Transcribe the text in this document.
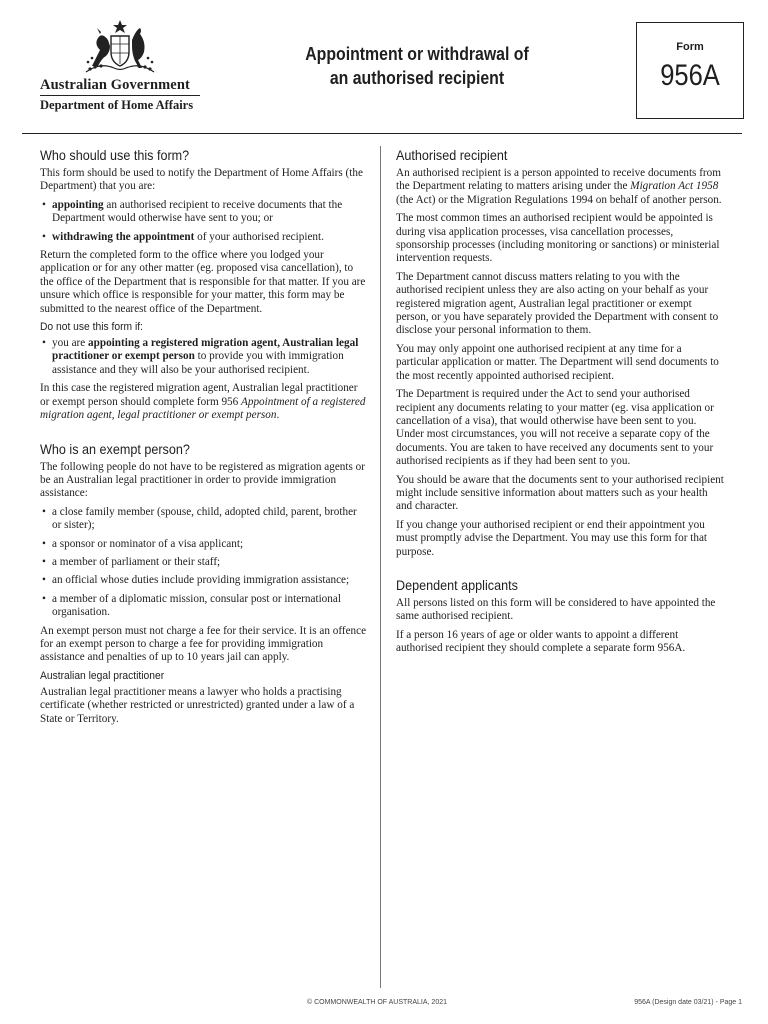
Australian Government
Department of Home Affairs
Appointment or withdrawal of
an authorised recipient
Form
956A
Who should use this form?

This form should be used to notify the Department of Home Affairs (the Department) that you are:

• appointing an authorised recipient to receive documents that the Department would otherwise have sent to you; or
• withdrawing the appointment of your authorised recipient.

Return the completed form to the office where you lodged your application or for any other matter (eg. proposed visa cancellation), to the office of the Department that is responsible for that matter. If you are unsure which office is responsible for your matter, this form may be submitted to the nearest office of the Department.

Do not use this form if:
• you are appointing a registered migration agent, Australian legal practitioner or exempt person to provide you with immigration assistance and they will also be your authorised recipient.

In this case the registered migration agent, Australian legal practitioner or exempt person should complete form 956 Appointment of a registered migration agent, legal practitioner or exempt person.

Who is an exempt person?

The following people do not have to be registered as migration agents or be an Australian legal practitioner in order to provide immigration assistance:

• a close family member (spouse, child, adopted child, parent, brother or sister);
• a sponsor or nominator of a visa applicant;
• a member of parliament or their staff;
• an official whose duties include providing immigration assistance;
• a member of a diplomatic mission, consular post or international organisation.

An exempt person must not charge a fee for their service. It is an offence for an exempt person to charge a fee for providing immigration assistance and penalties of up to 10 years jail can apply.

Australian legal practitioner

Australian legal practitioner means a lawyer who holds a practising certificate (whether restricted or unrestricted) granted under a law of a State or Territory.

Authorised recipient

An authorised recipient is a person appointed to receive documents from the Department relating to matters arising under the Migration Act 1958 (the Act) or the Migration Regulations 1994 on behalf of another person.

The most common times an authorised recipient would be appointed is during visa application processes, visa cancellation processes, sponsorship processes (including monitoring or sanctions) or ministerial intervention requests.

The Department cannot discuss matters relating to you with the authorised recipient unless they are also acting on your behalf as your registered migration agent, Australian legal practitioner or exempt person, or you have separately provided the Department with consent to disclose your personal information to them.

You may only appoint one authorised recipient at any time for a particular application or matter. The Department will send documents to the most recently appointed authorised recipient.

The Department is required under the Act to send your authorised recipient any documents relating to your matter (eg. visa application or cancellation of a visa), that would otherwise have been sent to you. Under most circumstances, you will not receive a separate copy of the documents. You are taken to have received any documents sent to your authorised recipients as if they had been sent to you.

You should be aware that the documents sent to your authorised recipient might include sensitive information about matters such as your health and character.

If you change your authorised recipient or end their appointment you must promptly advise the Department. You may use this form for that purpose.

Dependent applicants

All persons listed on this form will be considered to have appointed the same authorised recipient.

If a person 16 years of age or older wants to appoint a different authorised recipient they should complete a separate form 956A.

© COMMONWEALTH OF AUSTRALIA, 2021	956A (Design date 03/21) - Page 1
